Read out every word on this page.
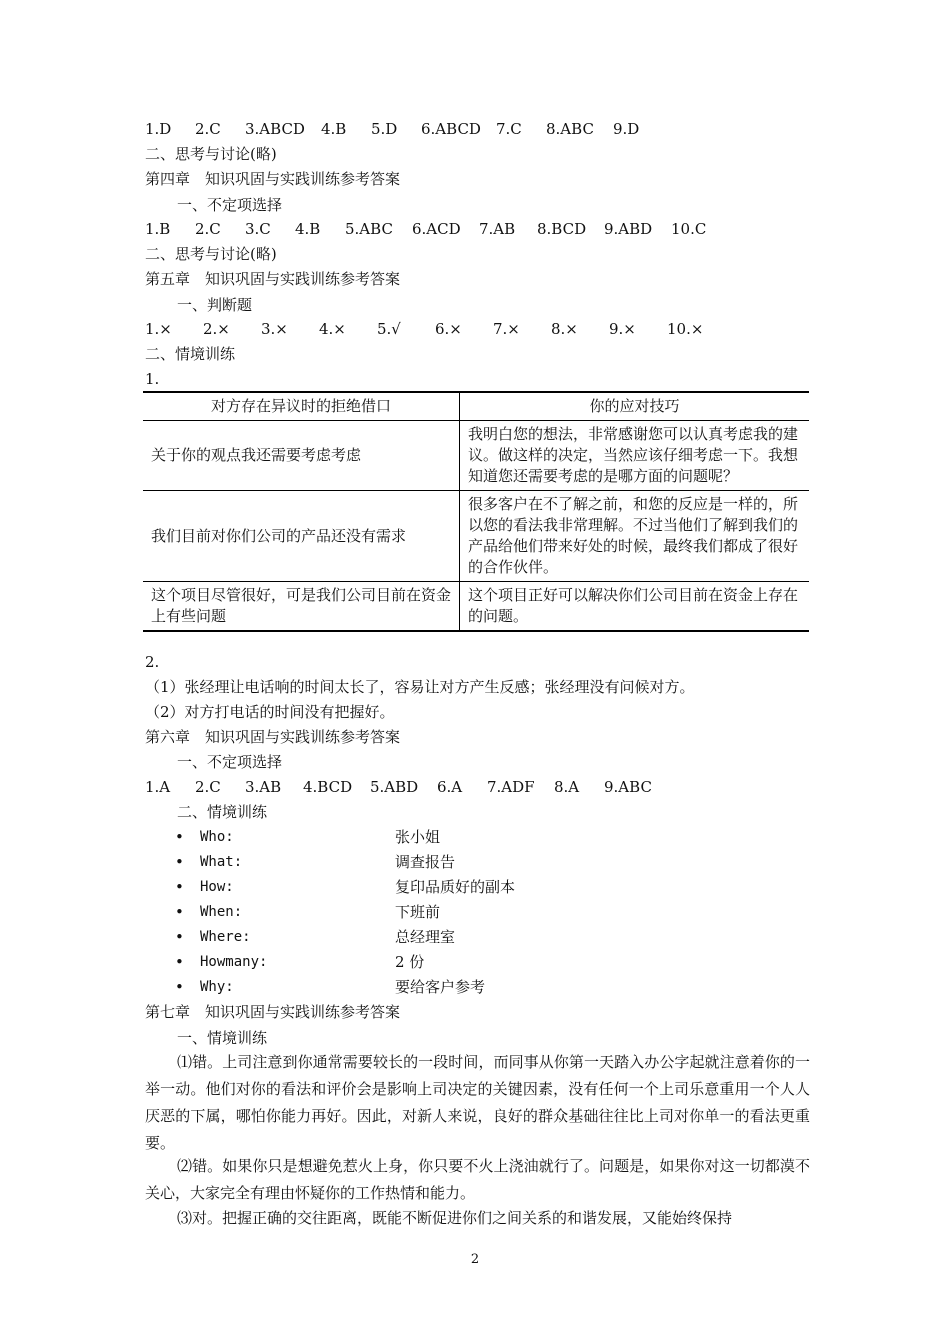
1.D	2.C	3.ABCD	4.B	5.D	6.ABCD	7.C	8.ABC	9.D
二、思考与讨论(略)
第四章　知识巩固与实践训练参考答案
一、不定项选择
1.B	2.C	3.C	4.B	5.ABC	6.ACD	7.AB	8.BCD	9.ABD	10.C
二、思考与讨论(略)
第五章　知识巩固与实践训练参考答案
一、判断题
1.×	2.×	3.×	4.×	5.√	6.×	7.×	8.×	9.×	10.×
二、情境训练
1.
对方存在异议时的拒绝借口	你的应对技巧
关于你的观点我还需要考虑考虑	我明白您的想法，非常感谢您可以认真考虑我的建议。做这样的决定，当然应该仔细考虑一下。我想知道您还需要考虑的是哪方面的问题呢？
我们目前对你们公司的产品还没有需求	很多客户在不了解之前，和您的反应是一样的，所以您的看法我非常理解。不过当他们了解到我们的产品给他们带来好处的时候，最终我们都成了很好的合作伙伴。
这个项目尽管很好，可是我们公司目前在资金上有些问题	这个项目正好可以解决你们公司目前在资金上存在的问题。
2.
（1）张经理让电话响的时间太长了，容易让对方产生反感；张经理没有问候对方。
（2）对方打电话的时间没有把握好。
第六章　知识巩固与实践训练参考答案
一、不定项选择
1.A	2.C	3.AB	4.BCD	5.ABD	6.A	7.ADF	8.A	9.ABC
二、情境训练
•	Who:	张小姐
•	What:	调查报告
•	How:	复印品质好的副本
•	When:	下班前
•	Where:	总经理室
•	Howmany:	2 份
•	Why:	要给客户参考
第七章　知识巩固与实践训练参考答案
一、情境训练
⑴错。上司注意到你通常需要较长的一段时间，而同事从你第一天踏入办公字起就注意着你的一举一动。他们对你的看法和评价会是影响上司决定的关键因素，没有任何一个上司乐意重用一个人人厌恶的下属，哪怕你能力再好。因此，对新人来说，良好的群众基础往往比上司对你单一的看法更重要。
⑵错。如果你只是想避免惹火上身，你只要不火上浇油就行了。问题是，如果你对这一切都漠不关心，大家完全有理由怀疑你的工作热情和能力。
⑶对。把握正确的交往距离，既能不断促进你们之间关系的和谐发展，又能始终保持
2
